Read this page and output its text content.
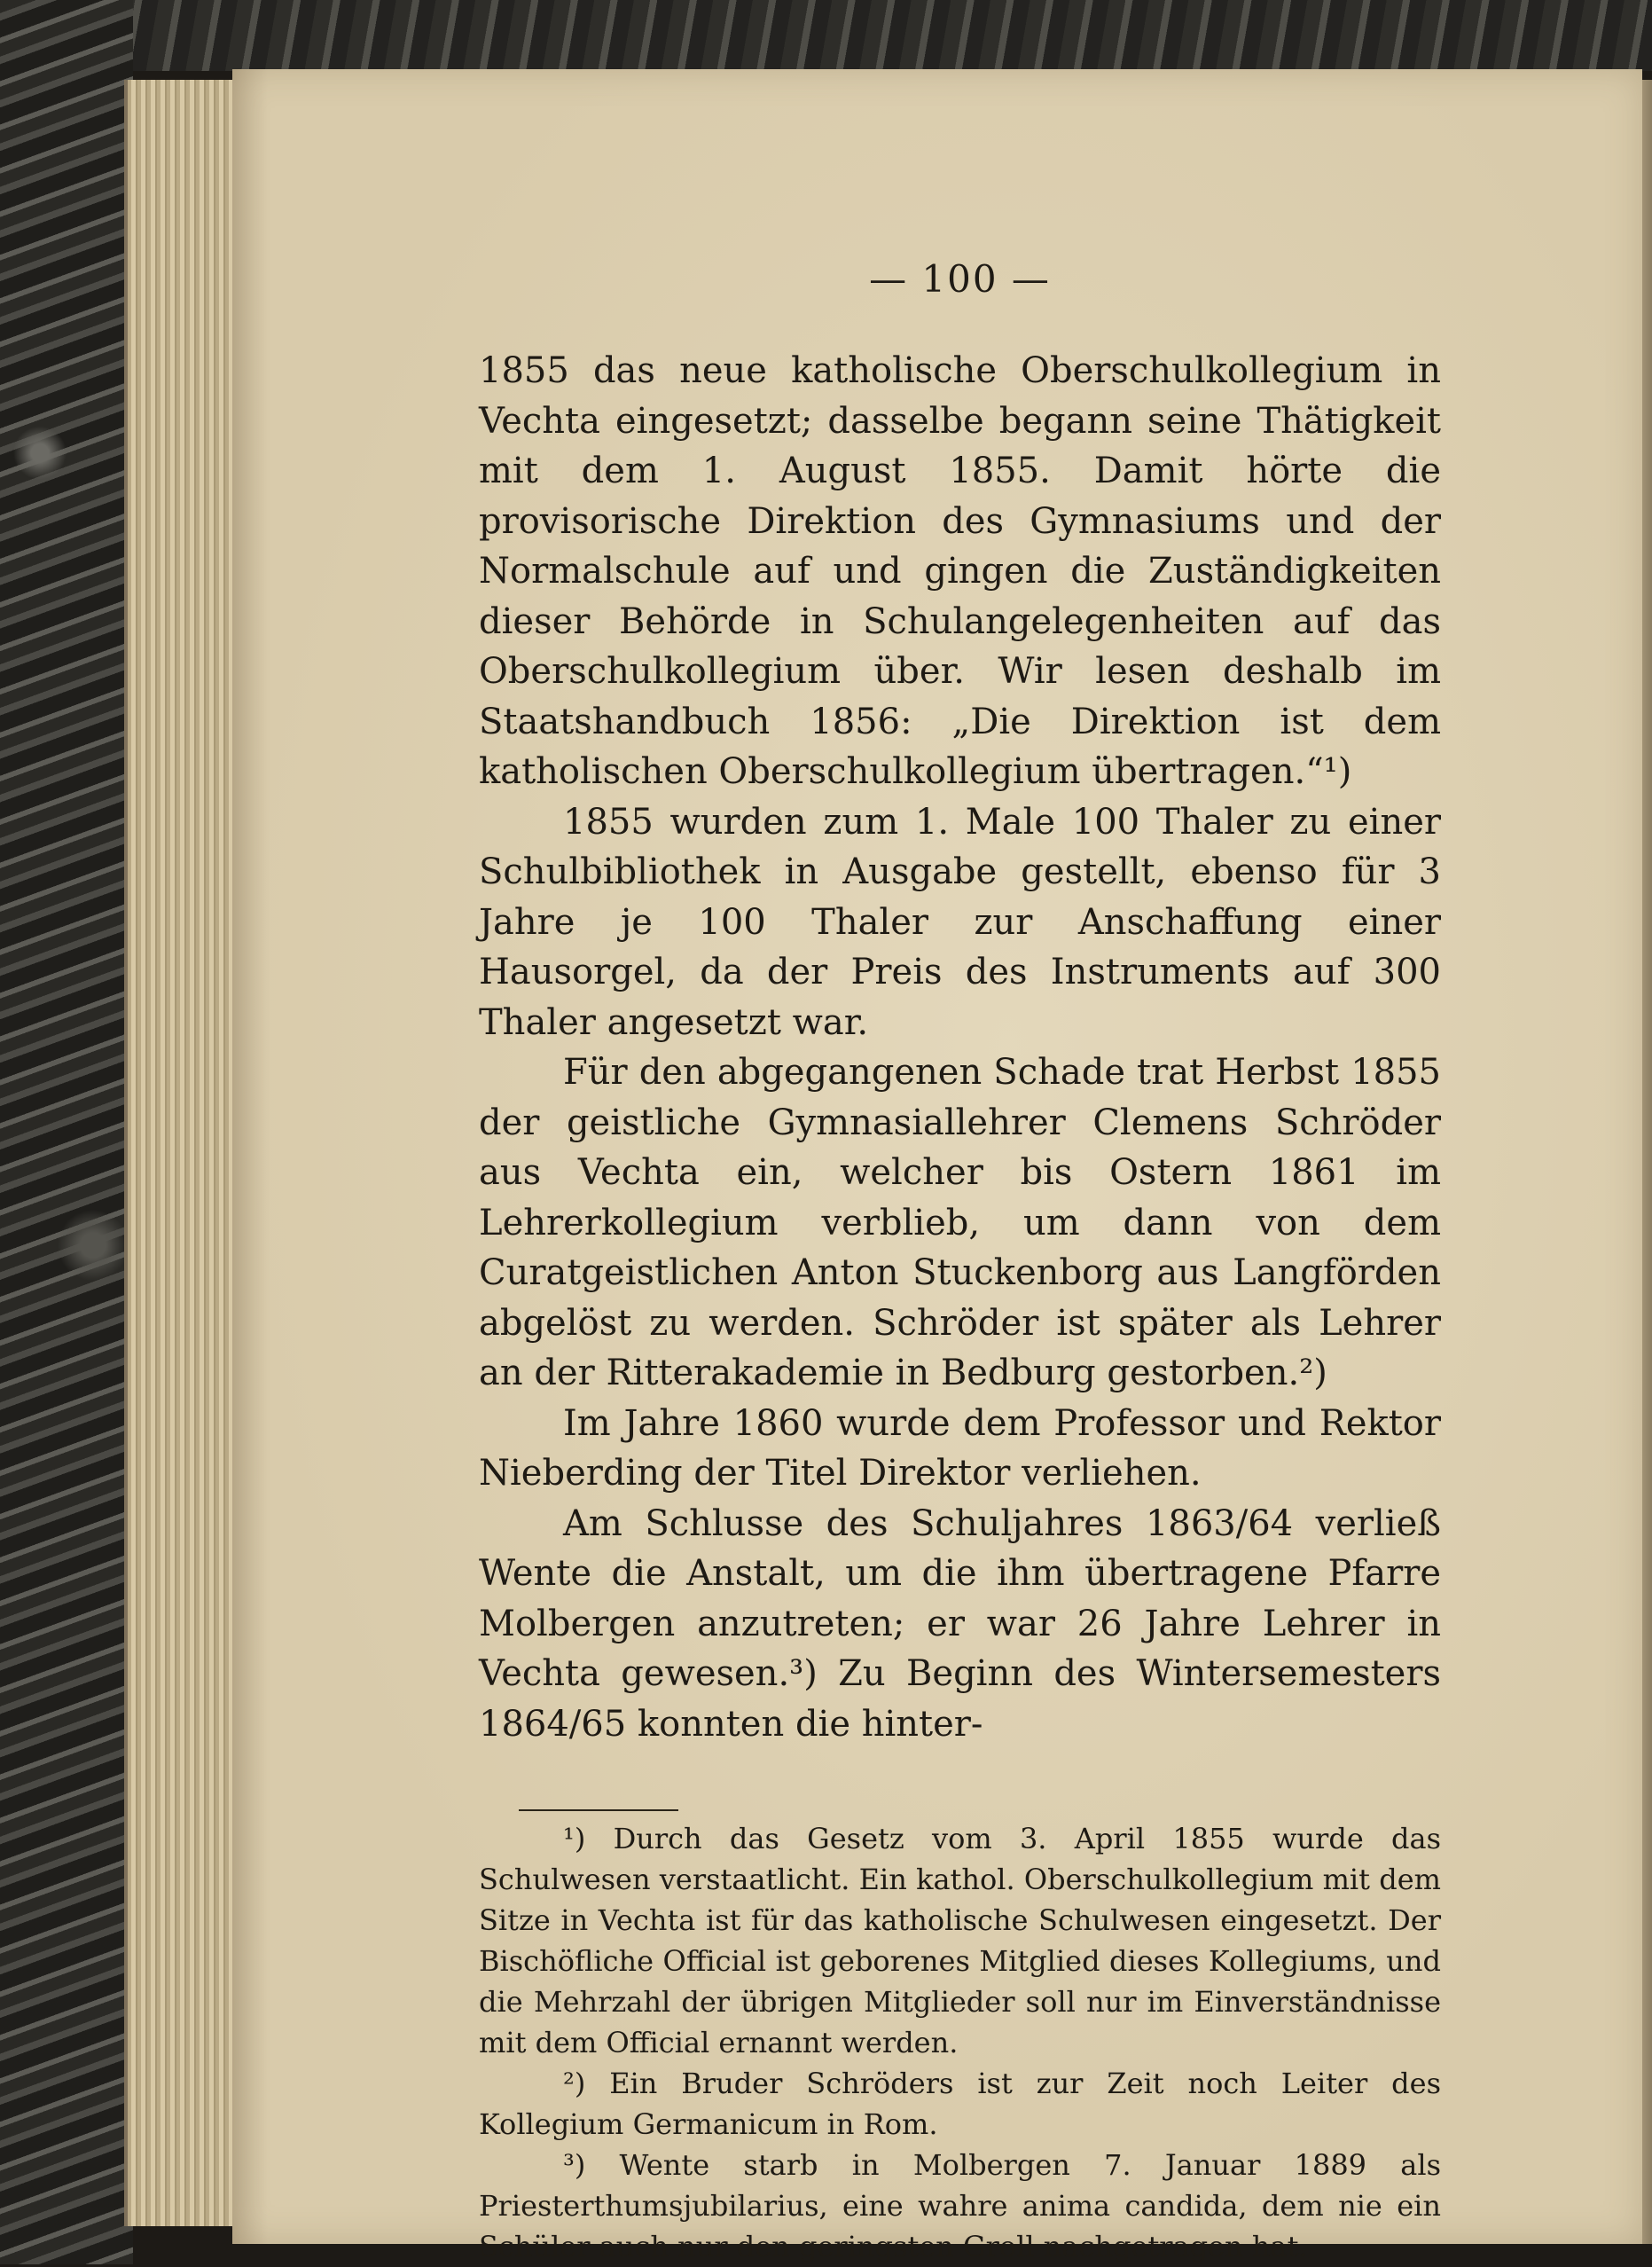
— 100 —

1855 das neue katholische Oberschulkollegium in Vechta eingesetzt; dasselbe begann seine Thätigkeit mit dem 1. August 1855. Damit hörte die provisorische Direktion des Gymnasiums und der Normalschule auf und gingen die Zuständigkeiten dieser Behörde in Schulangelegenheiten auf das Oberschulkollegium über. Wir lesen deshalb im Staatshandbuch 1856: „Die Direktion ist dem katholischen Oberschulkollegium übertragen.“¹)

1855 wurden zum 1. Male 100 Thaler zu einer Schulbibliothek in Ausgabe gestellt, ebenso für 3 Jahre je 100 Thaler zur Anschaffung einer Hausorgel, da der Preis des Instruments auf 300 Thaler angesetzt war.

Für den abgegangenen Schade trat Herbst 1855 der geistliche Gymnasiallehrer Clemens Schröder aus Vechta ein, welcher bis Ostern 1861 im Lehrerkollegium verblieb, um dann von dem Curatgeistlichen Anton Stuckenborg aus Langförden abgelöst zu werden. Schröder ist später als Lehrer an der Ritterakademie in Bedburg gestorben.²)

Im Jahre 1860 wurde dem Professor und Rektor Nieberding der Titel Direktor verliehen.

Am Schlusse des Schuljahres 1863/64 verließ Wente die Anstalt, um die ihm übertragene Pfarre Molbergen anzutreten; er war 26 Jahre Lehrer in Vechta gewesen.³) Zu Beginn des Wintersemesters 1864/65 konnten die hinter-

¹) Durch das Gesetz vom 3. April 1855 wurde das Schulwesen verstaatlicht. Ein kathol. Oberschulkollegium mit dem Sitze in Vechta ist für das katholische Schulwesen eingesetzt. Der Bischöfliche Official ist geborenes Mitglied dieses Kollegiums, und die Mehrzahl der übrigen Mitglieder soll nur im Einverständnisse mit dem Official ernannt werden.

²) Ein Bruder Schröders ist zur Zeit noch Leiter des Kollegium Germanicum in Rom.

³) Wente starb in Molbergen 7. Januar 1889 als Priesterthumsjubilarius, eine wahre anima candida, dem nie ein Schüler auch nur den geringsten Groll nachgetragen hat.
